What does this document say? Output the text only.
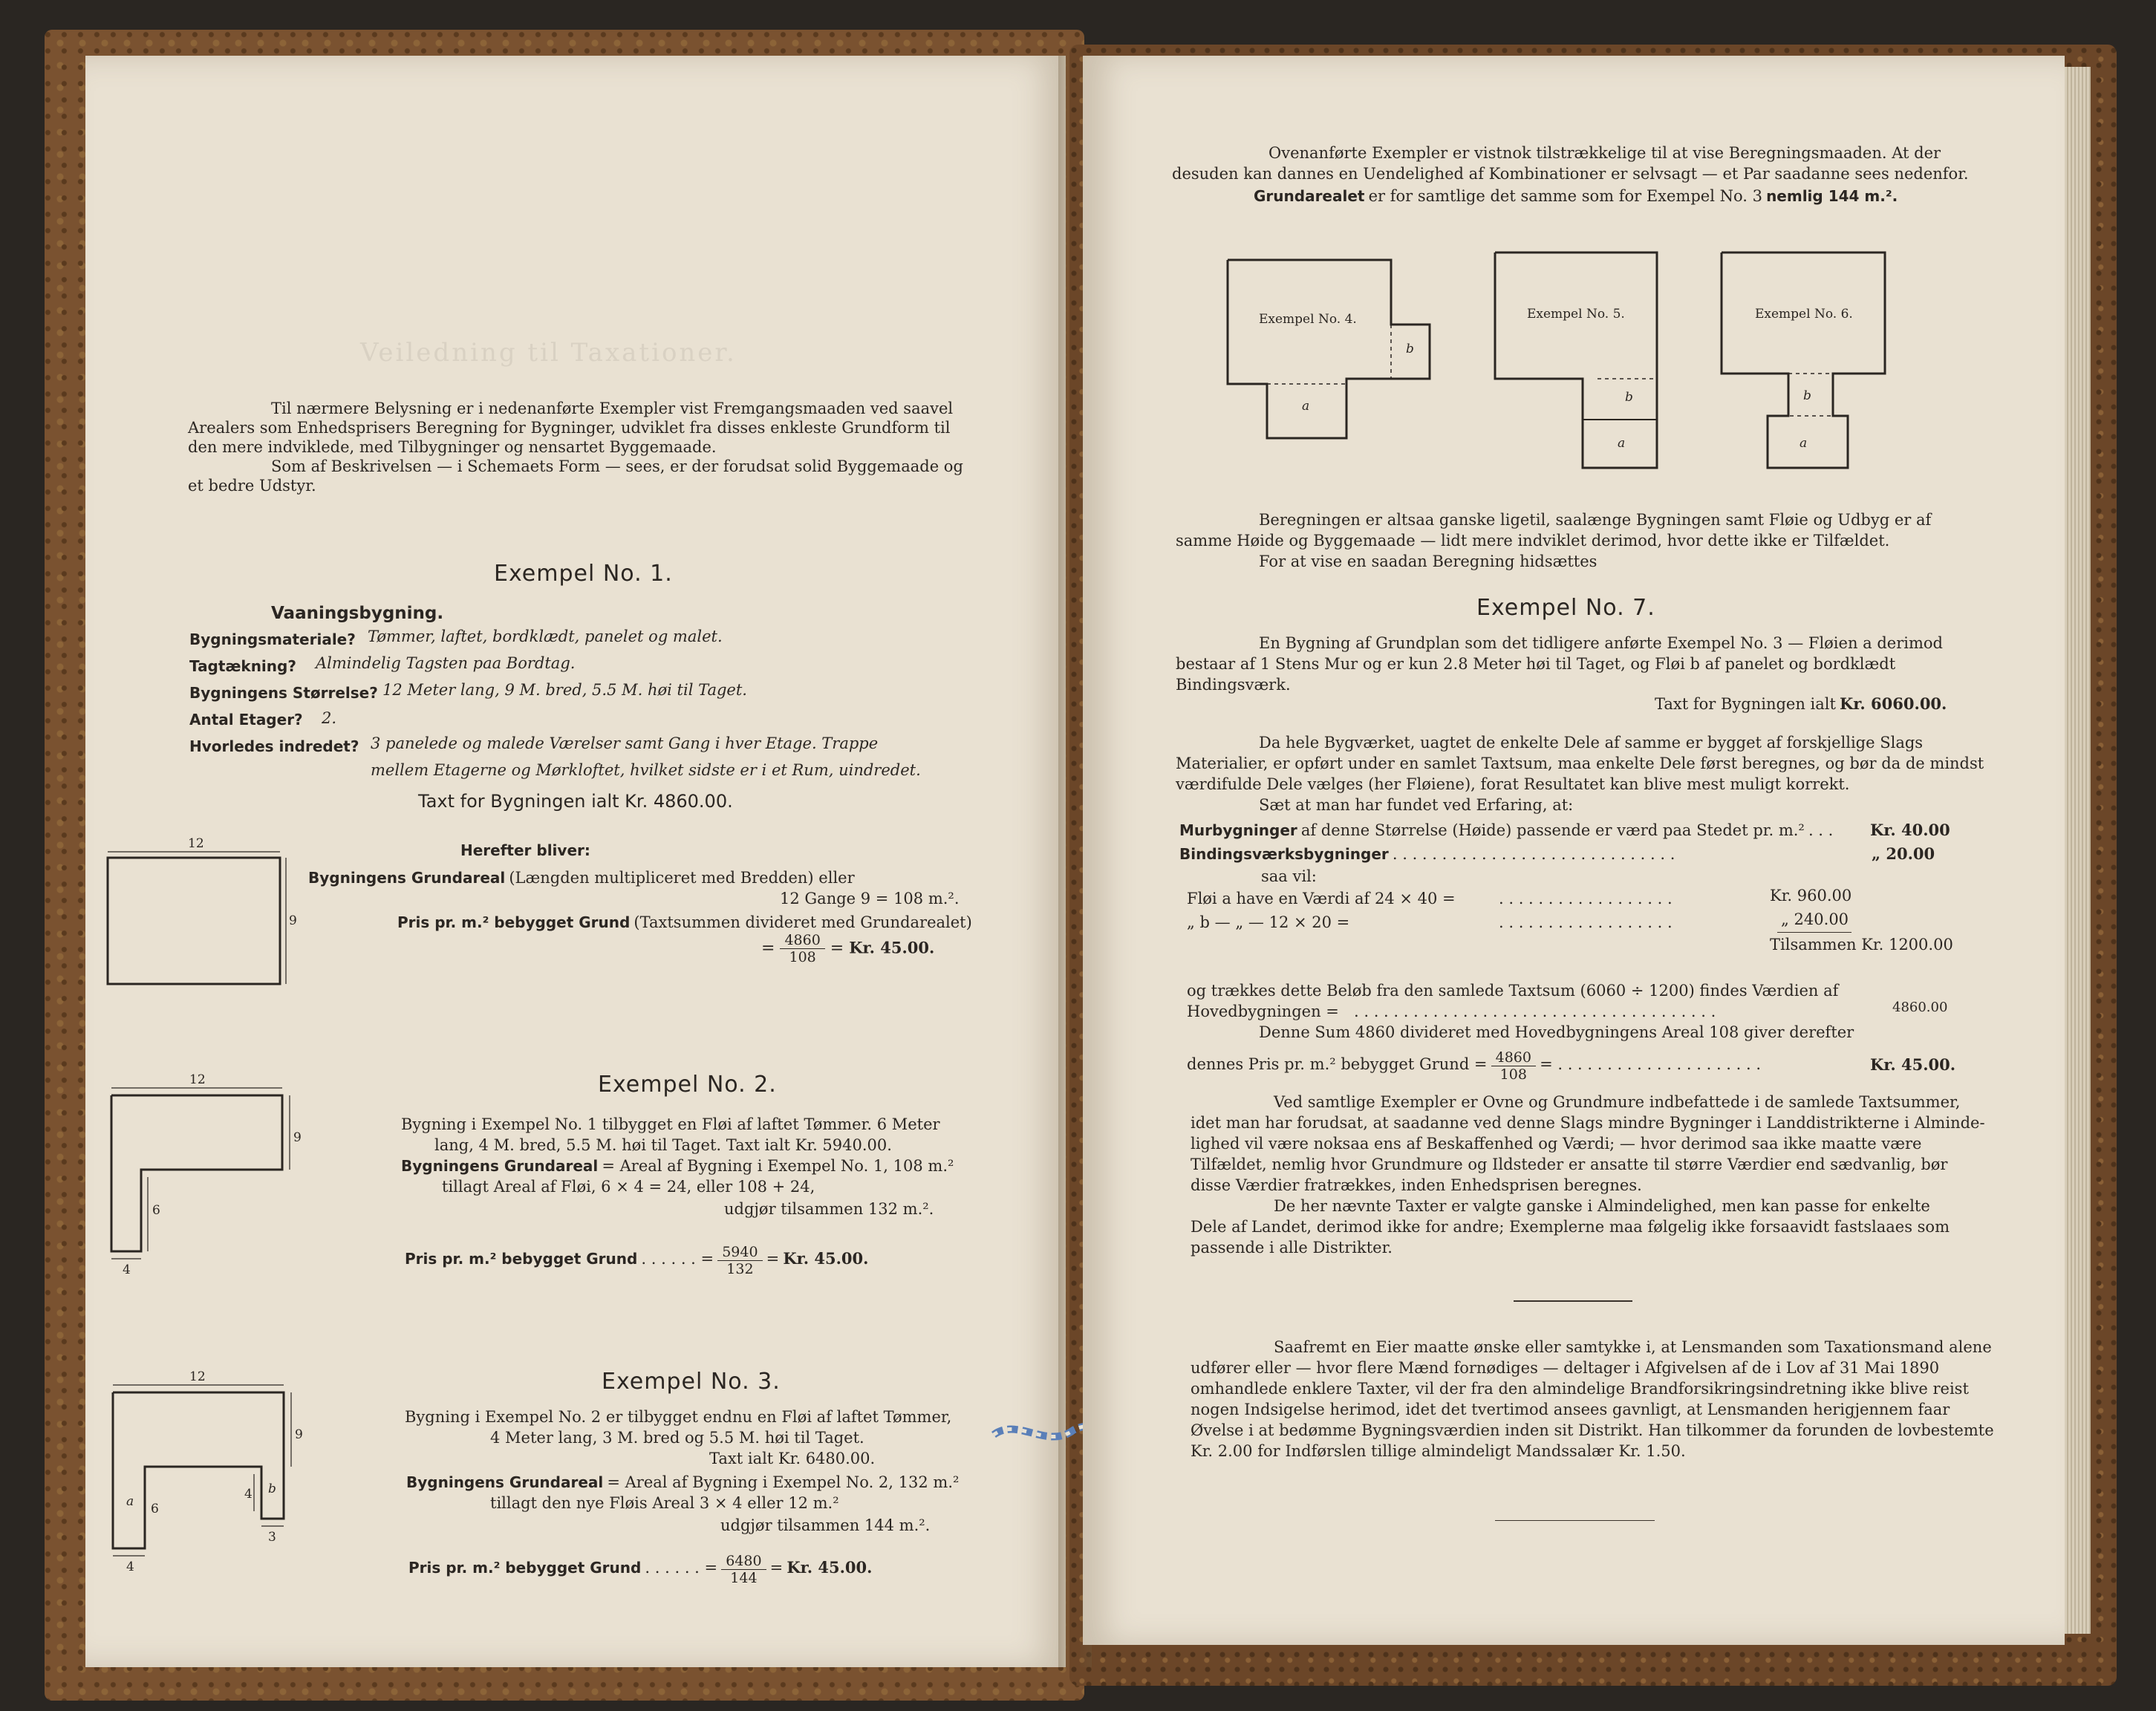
Veiledning til Taxationer.
Til nærmere Belysning er i nedenanførte Exempler vist Fremgangsmaaden ved saavel
Arealers som Enhedsprisers Beregning for Bygninger, udviklet fra disses enkleste Grundform til
den mere indviklede, med Tilbygninger og nensartet Byggemaade.
Som af Beskrivelsen — i Schemaets Form — sees, er der forudsat solid Byggemaade og
et bedre Udstyr.
Exempel No. 1.
Vaaningsbygning.
Bygningsmateriale? Tømmer, laftet, bordklædt, panelet og malet.
Tagtækning? Almindelig Tagsten paa Bordtag.
Bygningens Størrelse? 12 Meter lang, 9 M. bred, 5.5 M. høi til Taget.
Antal Etager? 2.
Hvorledes indredet? 3 panelede og malede Værelser samt Gang i hver Etage. Trappe
mellem Etagerne og Mørkloftet, hvilket sidste er i et Rum, uindredet.
Taxt for Bygningen ialt Kr. 4860.00.
12
9
12
9
6
4
12
9
a
b
6
4
4
3
Herefter bliver:
Bygningens Grundareal (Længden multipliceret med Bredden) eller
12 Gange 9 = 108 m.².
Pris pr. m.² bebygget Grund (Taxtsummen divideret med Grundarealet)
= $\frac{4860}{108} = Kr$. 45.00.
Exempel No. 2.
Bygning i Exempel No. 1 tilbygget en Fløi af laftet Tømmer. 6 Meter
lang, 4 M. bred, 5.5 M. høi til Taget. Taxt ialt Kr. 5940.00.
Bygningens Grundareal = Areal af Bygning i Exempel No. 1, 108 m.²
tillagt Areal af Fløi, 6 × 4 = 24, eller 108 + 24,
udgjør tilsammen 132 m.².
Pris pr. m.² bebygget Grund . . . . . . = $\frac{5940}{132} = Kr$. 45.00.
Exempel No. 3.
Bygning i Exempel No. 2 er tilbygget endnu en Fløi af laftet Tømmer,
4 Meter lang, 3 M. bred og 5.5 M. høi til Taget.
Taxt ialt Kr. 6480.00.
Bygningens Grundareal = Areal af Bygning i Exempel No. 2, 132 m.²
tillagt den nye Fløis Areal 3 × 4 eller 12 m.²
udgjør tilsammen 144 m.².
Pris pr. m.² bebygget Grund . . . . . . = $\frac{6480}{144} = Kr$. 45.00.
Ovenanførte Exempler er vistnok tilstrækkelige til at vise Beregningsmaaden. At der
desuden kan dannes en Uendelighed af Kombinationer er selvsagt — et Par saadanne sees nedenfor.
Grundarealet er for samtlige det samme som for Exempel No. 3 nemlig 144 m.².
Exempel No. 4.	Exempel No. 5.	Exempel No. 6.
b
a
b
a
b
a
Beregningen er altsaa ganske ligetil, saalænge Bygningen samt Fløie og Udbyg er af
samme Høide og Byggemaade — lidt mere indviklet derimod, hvor dette ikke er Tilfældet.
For at vise en saadan Beregning hidsættes
Exempel No. 7.
En Bygning af Grundplan som det tidligere anførte Exempel No. 3 — Fløien a derimod
bestaar af 1 Stens Mur og er kun 2.8 Meter høi til Taget, og Fløi b af panelet og bordklædt
Bindingsværk.
Taxt for Bygningen ialt Kr. 6060.00.
Da hele Bygværket, uagtet de enkelte Dele af samme er bygget af forskjellige Slags
Materialier, er opført under en samlet Taxtsum, maa enkelte Dele først beregnes, og bør da de mindst
værdifulde Dele vælges (her Fløiene), forat Resultatet kan blive mest muligt korrekt.
Sæt at man har fundet ved Erfaring, at:
Murbygninger af denne Størrelse (Høide) passende er værd paa Stedet pr. m.² . . . Kr. 40.00
Bindingsværksbygninger . . . . . . . . . . . . . . . . . . . . . . . . . . . . .	„ 20.00
saa vil:
Fløi a have en Værdi af 24 × 40 =	. . . . . . . . . . . . . . . . . .	Kr. 960.00
„ b — „ — 12 × 20 =	. . . . . . . . . . . . . . . . . .	„ 240.00
Tilsammen Kr. 1200.00
og trækkes dette Beløb fra den samlede Taxtsum (6060 ÷ 1200) findes Værdien af
Hovedbygningen = . . . . . . . . . . . . . . . . . . . . . . . . . . . . . . . . . . . . .	4860.00
Denne Sum 4860 divideret med Hovedbygningens Areal 108 giver derefter
dennes Pris pr. m.² bebygget Grund = $\frac{4860}{108}$ = . . . . . . . . . . . . . . . . . . . . .	Kr. 45.00.
Ved samtlige Exempler er Ovne og Grundmure indbefattede i de samlede Taxtsummer,
idet man har forudsat, at saadanne ved denne Slags mindre Bygninger i Landdistrikterne i Alminde-
lighed vil være noksaa ens af Beskaffenhed og Værdi; — hvor derimod saa ikke maatte være
Tilfældet, nemlig hvor Grundmure og Ildsteder er ansatte til større Værdier end sædvanlig, bør
disse Værdier fratrækkes, inden Enhedsprisen beregnes.
De her nævnte Taxter er valgte ganske i Almindelighed, men kan passe for enkelte
Dele af Landet, derimod ikke for andre; Exemplerne maa følgelig ikke forsaavidt fastslaaes som
passende i alle Distrikter.
Saafremt en Eier maatte ønske eller samtykke i, at Lensmanden som Taxationsmand alene
udfører eller — hvor flere Mænd fornødiges — deltager i Afgivelsen af de i Lov af 31 Mai 1890
omhandlede enklere Taxter, vil der fra den almindelige Brandforsikringsindretning ikke blive reist
nogen Indsigelse herimod, idet det tvertimod ansees gavnligt, at Lensmanden herigjennem faar
Øvelse i at bedømme Bygningsværdien inden sit Distrikt. Han tilkommer da forunden de lovbestemte
Kr. 2.00 for Indførslen tillige almindeligt Mandssalær Kr. 1.50.
